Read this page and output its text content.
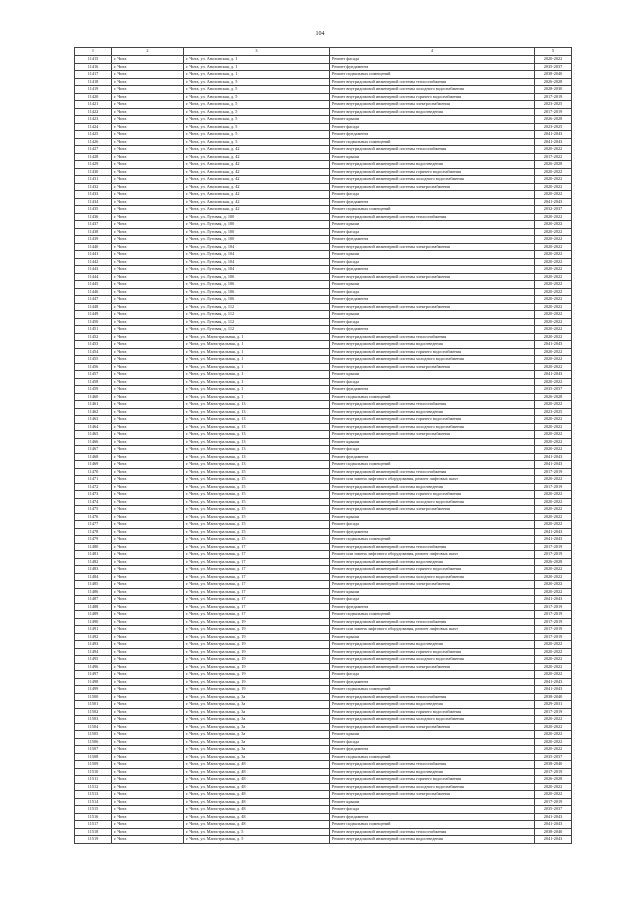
104
1	2	3	4	5
11415	г. Чита	г. Чита, ул. Анохинская, д. 1	Ремонт фасада	2020-2022
11416	г. Чита	г. Чита, ул. Анохинская, д. 1	Ремонт фундамента	2035-2037
11417	г. Чита	г. Чита, ул. Анохинская, д. 1	Ремонт подвальных помещений	2038-2040
11418	г. Чита	г. Чита, ул. Анохинская, д. 5	Ремонт внутридомовой инженерной системы теплоснабжения	2026-2028
11419	г. Чита	г. Чита, ул. Анохинская, д. 5	Ремонт внутридомовой инженерной системы холодного водоснабжения	2028-2030
11420	г. Чита	г. Чита, ул. Анохинская, д. 5	Ремонт внутридомовой инженерной системы горячего водоснабжения	2017-2019
11421	г. Чита	г. Чита, ул. Анохинская, д. 5	Ремонт внутридомовой инженерной системы электроснабжения	2023-2025
11422	г. Чита	г. Чита, ул. Анохинская, д. 5	Ремонт внутридомовой инженерной системы водоотведения	2017-2019
11423	г. Чита	г. Чита, ул. Анохинская, д. 5	Ремонт крыши	2026-2028
11424	г. Чита	г. Чита, ул. Анохинская, д. 5	Ремонт фасада	2023-2025
11425	г. Чита	г. Чита, ул. Анохинская, д. 5	Ремонт фундамента	2041-2043
11426	г. Чита	г. Чита, ул. Анохинская, д. 5	Ремонт подвальных помещений	2041-2043
11427	г. Чита	г. Чита, ул. Анохинская, д. 42	Ремонт внутридомовой инженерной системы теплоснабжения	2020-2022
11428	г. Чита	г. Чита, ул. Анохинская, д. 42	Ремонт крыши	2017-2022
11429	г. Чита	г. Чита, ул. Анохинская, д. 42	Ремонт внутридомовой инженерной системы водоотведения	2026-2028
11430	г. Чита	г. Чита, ул. Анохинская, д. 42	Ремонт внутридомовой инженерной системы горячего водоснабжения	2020-2022
11431	г. Чита	г. Чита, ул. Анохинская, д. 42	Ремонт внутридомовой инженерной системы холодного водоснабжения	2020-2022
11432	г. Чита	г. Чита, ул. Анохинская, д. 42	Ремонт внутридомовой инженерной системы электроснабжения	2020-2022
11433	г. Чита	г. Чита, ул. Анохинская, д. 42	Ремонт фасада	2020-2022
11434	г. Чита	г. Чита, ул. Анохинская, д. 42	Ремонт фундамента	2041-2043
11435	г. Чита	г. Чита, ул. Анохинская, д. 42	Ремонт подвальных помещений	2032-2037
11436	г. Чита	г. Чита, ул. Луговая, д. 100	Ремонт внутридомовой инженерной системы теплоснабжения	2020-2022
11437	г. Чита	г. Чита, ул. Луговая, д. 100	Ремонт крыши	2020-2022
11438	г. Чита	г. Чита, ул. Луговая, д. 100	Ремонт фасада	2020-2022
11439	г. Чита	г. Чита, ул. Луговая, д. 100	Ремонт фундамента	2020-2022
11440	г. Чита	г. Чита, ул. Луговая, д. 104	Ремонт внутридомовой инженерной системы электроснабжения	2020-2022
11441	г. Чита	г. Чита, ул. Луговая, д. 104	Ремонт крыши	2020-2022
11442	г. Чита	г. Чита, ул. Луговая, д. 104	Ремонт фасада	2020-2022
11443	г. Чита	г. Чита, ул. Луговая, д. 104	Ремонт фундамента	2020-2022
11444	г. Чита	г. Чита, ул. Луговая, д. 106	Ремонт внутридомовой инженерной системы электроснабжения	2020-2022
11445	г. Чита	г. Чита, ул. Луговая, д. 106	Ремонт крыши	2020-2022
11446	г. Чита	г. Чита, ул. Луговая, д. 106	Ремонт фасада	2020-2022
11447	г. Чита	г. Чита, ул. Луговая, д. 106	Ремонт фундамента	2020-2022
11448	г. Чита	г. Чита, ул. Луговая, д. 112	Ремонт внутридомовой инженерной системы электроснабжения	2020-2022
11449	г. Чита	г. Чита, ул. Луговая, д. 112	Ремонт крыши	2020-2022
11450	г. Чита	г. Чита, ул. Луговая, д. 112	Ремонт фасада	2020-2022
11451	г. Чита	г. Чита, ул. Луговая, д. 112	Ремонт фундамента	2020-2022
11452	г. Чита	г. Чита, ул. Магистральная, д. 1	Ремонт внутридомовой инженерной системы теплоснабжения	2020-2022
11453	г. Чита	г. Чита, ул. Магистральная, д. 1	Ремонт внутридомовой инженерной системы водоотведения	2041-2043
11454	г. Чита	г. Чита, ул. Магистральная, д. 1	Ремонт внутридомовой инженерной системы горячего водоснабжения	2020-2022
11455	г. Чита	г. Чита, ул. Магистральная, д. 1	Ремонт внутридомовой инженерной системы холодного водоснабжения	2020-2022
11456	г. Чита	г. Чита, ул. Магистральная, д. 1	Ремонт внутридомовой инженерной системы электроснабжения	2020-2022
11457	г. Чита	г. Чита, ул. Магистральная, д. 1	Ремонт крыши	2041-2043
11458	г. Чита	г. Чита, ул. Магистральная, д. 1	Ремонт фасада	2020-2022
11459	г. Чита	г. Чита, ул. Магистральная, д. 1	Ремонт фундамента	2035-2037
11460	г. Чита	г. Чита, ул. Магистральная, д. 1	Ремонт подвальных помещений	2026-2028
11461	г. Чита	г. Чита, ул. Магистральная, д. 13	Ремонт внутридомовой инженерной системы теплоснабжения	2020-2022
11462	г. Чита	г. Чита, ул. Магистральная, д. 13	Ремонт внутридомовой инженерной системы водоотведения	2023-2025
11463	г. Чита	г. Чита, ул. Магистральная, д. 13	Ремонт внутридомовой инженерной системы горячего водоснабжения	2020-2022
11464	г. Чита	г. Чита, ул. Магистральная, д. 13	Ремонт внутридомовой инженерной системы холодного водоснабжения	2020-2022
11465	г. Чита	г. Чита, ул. Магистральная, д. 13	Ремонт внутридомовой инженерной системы электроснабжения	2020-2022
11466	г. Чита	г. Чита, ул. Магистральная, д. 13	Ремонт крыши	2020-2022
11467	г. Чита	г. Чита, ул. Магистральная, д. 13	Ремонт фасада	2020-2022
11468	г. Чита	г. Чита, ул. Магистральная, д. 13	Ремонт фундамента	2041-2043
11469	г. Чита	г. Чита, ул. Магистральная, д. 13	Ремонт подвальных помещений	2041-2043
11470	г. Чита	г. Чита, ул. Магистральная, д. 15	Ремонт внутридомовой инженерной системы теплоснабжения	2017-2019
11471	г. Чита	г. Чита, ул. Магистральная, д. 15	Ремонт или замена лифтового оборудования, ремонт лифтовых шахт	2020-2022
11472	г. Чита	г. Чита, ул. Магистральная, д. 15	Ремонт внутридомовой инженерной системы водоотведения	2017-2019
11473	г. Чита	г. Чита, ул. Магистральная, д. 15	Ремонт внутридомовой инженерной системы горячего водоснабжения	2020-2022
11474	г. Чита	г. Чита, ул. Магистральная, д. 15	Ремонт внутридомовой инженерной системы холодного водоснабжения	2020-2022
11475	г. Чита	г. Чита, ул. Магистральная, д. 15	Ремонт внутридомовой инженерной системы электроснабжения	2020-2022
11476	г. Чита	г. Чита, ул. Магистральная, д. 15	Ремонт крыши	2020-2022
11477	г. Чита	г. Чита, ул. Магистральная, д. 15	Ремонт фасада	2020-2022
11478	г. Чита	г. Чита, ул. Магистральная, д. 15	Ремонт фундамента	2041-2043
11479	г. Чита	г. Чита, ул. Магистральная, д. 15	Ремонт подвальных помещений	2041-2043
11480	г. Чита	г. Чита, ул. Магистральная, д. 17	Ремонт внутридомовой инженерной системы теплоснабжения	2017-2019
11481	г. Чита	г. Чита, ул. Магистральная, д. 17	Ремонт или замена лифтового оборудования, ремонт лифтовых шахт	2017-2019
11482	г. Чита	г. Чита, ул. Магистральная, д. 17	Ремонт внутридомовой инженерной системы водоотведения	2026-2028
11483	г. Чита	г. Чита, ул. Магистральная, д. 17	Ремонт внутридомовой инженерной системы горячего водоснабжения	2020-2022
11484	г. Чита	г. Чита, ул. Магистральная, д. 17	Ремонт внутридомовой инженерной системы холодного водоснабжения	2020-2022
11485	г. Чита	г. Чита, ул. Магистральная, д. 17	Ремонт внутридомовой инженерной системы электроснабжения	2020-2022
11486	г. Чита	г. Чита, ул. Магистральная, д. 17	Ремонт крыши	2020-2022
11487	г. Чита	г. Чита, ул. Магистральная, д. 17	Ремонт фасада	2041-2043
11488	г. Чита	г. Чита, ул. Магистральная, д. 17	Ремонт фундамента	2017-2019
11489	г. Чита	г. Чита, ул. Магистральная, д. 17	Ремонт подвальных помещений	2017-2019
11490	г. Чита	г. Чита, ул. Магистральная, д. 19	Ремонт внутридомовой инженерной системы теплоснабжения	2017-2019
11491	г. Чита	г. Чита, ул. Магистральная, д. 19	Ремонт или замена лифтового оборудования, ремонт лифтовых шахт	2017-2019
11492	г. Чита	г. Чита, ул. Магистральная, д. 19	Ремонт крыши	2017-2019
11493	г. Чита	г. Чита, ул. Магистральная, д. 19	Ремонт внутридомовой инженерной системы водоотведения	2020-2022
11494	г. Чита	г. Чита, ул. Магистральная, д. 19	Ремонт внутридомовой инженерной системы горячего водоснабжения	2020-2022
11495	г. Чита	г. Чита, ул. Магистральная, д. 19	Ремонт внутридомовой инженерной системы холодного водоснабжения	2020-2022
11496	г. Чита	г. Чита, ул. Магистральная, д. 19	Ремонт внутридомовой инженерной системы электроснабжения	2020-2022
11497	г. Чита	г. Чита, ул. Магистральная, д. 19	Ремонт фасада	2020-2022
11498	г. Чита	г. Чита, ул. Магистральная, д. 19	Ремонт фундамента	2041-2043
11499	г. Чита	г. Чита, ул. Магистральная, д. 19	Ремонт подвальных помещений	2041-2043
11500	г. Чита	г. Чита, ул. Магистральная, д. 3а	Ремонт внутридомовой инженерной системы теплоснабжения	2038-2040
11501	г. Чита	г. Чита, ул. Магистральная, д. 3а	Ремонт внутридомовой инженерной системы водоотведения	2029-2031
11502	г. Чита	г. Чита, ул. Магистральная, д. 3а	Ремонт внутридомовой инженерной системы горячего водоснабжения	2017-2019
11503	г. Чита	г. Чита, ул. Магистральная, д. 3а	Ремонт внутридомовой инженерной системы холодного водоснабжения	2020-2022
11504	г. Чита	г. Чита, ул. Магистральная, д. 3а	Ремонт внутридомовой инженерной системы электроснабжения	2020-2022
11505	г. Чита	г. Чита, ул. Магистральная, д. 3а	Ремонт крыши	2020-2022
11506	г. Чита	г. Чита, ул. Магистральная, д. 3а	Ремонт фасада	2020-2022
11507	г. Чита	г. Чита, ул. Магистральная, д. 3а	Ремонт фундамента	2020-2022
11508	г. Чита	г. Чита, ул. Магистральная, д. 3а	Ремонт подвальных помещений	2035-2037
11509	г. Чита	г. Чита, ул. Магистральная, д. 48	Ремонт внутридомовой инженерной системы теплоснабжения	2038-2040
11510	г. Чита	г. Чита, ул. Магистральная, д. 48	Ремонт внутридомовой инженерной системы водоотведения	2017-2019
11511	г. Чита	г. Чита, ул. Магистральная, д. 48	Ремонт внутридомовой инженерной системы горячего водоснабжения	2026-2028
11512	г. Чита	г. Чита, ул. Магистральная, д. 48	Ремонт внутридомовой инженерной системы холодного водоснабжения	2020-2022
11513	г. Чита	г. Чита, ул. Магистральная, д. 48	Ремонт внутридомовой инженерной системы электроснабжения	2020-2022
11514	г. Чита	г. Чита, ул. Магистральная, д. 48	Ремонт крыши	2017-2019
11515	г. Чита	г. Чита, ул. Магистральная, д. 48	Ремонт фасада	2035-2037
11516	г. Чита	г. Чита, ул. Магистральная, д. 48	Ремонт фундамента	2041-2043
11517	г. Чита	г. Чита, ул. Магистральная, д. 48	Ремонт подвальных помещений	2041-2043
11518	г. Чита	г. Чита, ул. Магистральная, д. 5	Ремонт внутридомовой инженерной системы теплоснабжения	2038-2040
11519	г. Чита	г. Чита, ул. Магистральная, д. 5	Ремонт внутридомовой инженерной системы водоотведения	2041-2043
